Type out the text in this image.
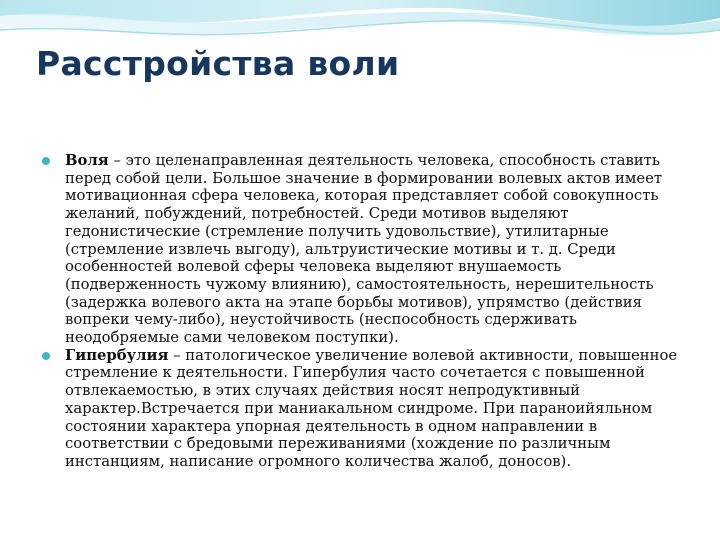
Расстройства воли
Воля – это целенаправленная деятельность человека, способность ставить перед собой цели. Большое значение в формировании волевых актов имеет мотивационная сфера человека, которая представляет собой совокупность желаний, побуждений, потребностей. Среди мотивов выделяют гедонистические (стремление получить удовольствие), утилитарные (стремление извлечь выгоду), альтруистические мотивы и т. д. Среди особенностей волевой сферы человека выделяют внушаемость (подверженность чужому влиянию), самостоятельность, нерешительность (задержка волевого акта на этапе борьбы мотивов), упрямство (действия вопреки чему-либо), неустойчивость (неспособность сдерживать неодобряемые сами человеком поступки).
Гипербулия – патологическое увеличение волевой активности, повышенное стремление к деятельности. Гипербулия часто сочетается с повышенной отвлекаемостью, в этих случаях действия носят непродуктивный характер.Встречается при маниакальном синдроме. При параноийяльном состоянии характера упорная деятельность в одном направлении в соответствии с бредовыми переживаниями (хождение по различным инстанциям, написание огромного количества жалоб, доносов).
